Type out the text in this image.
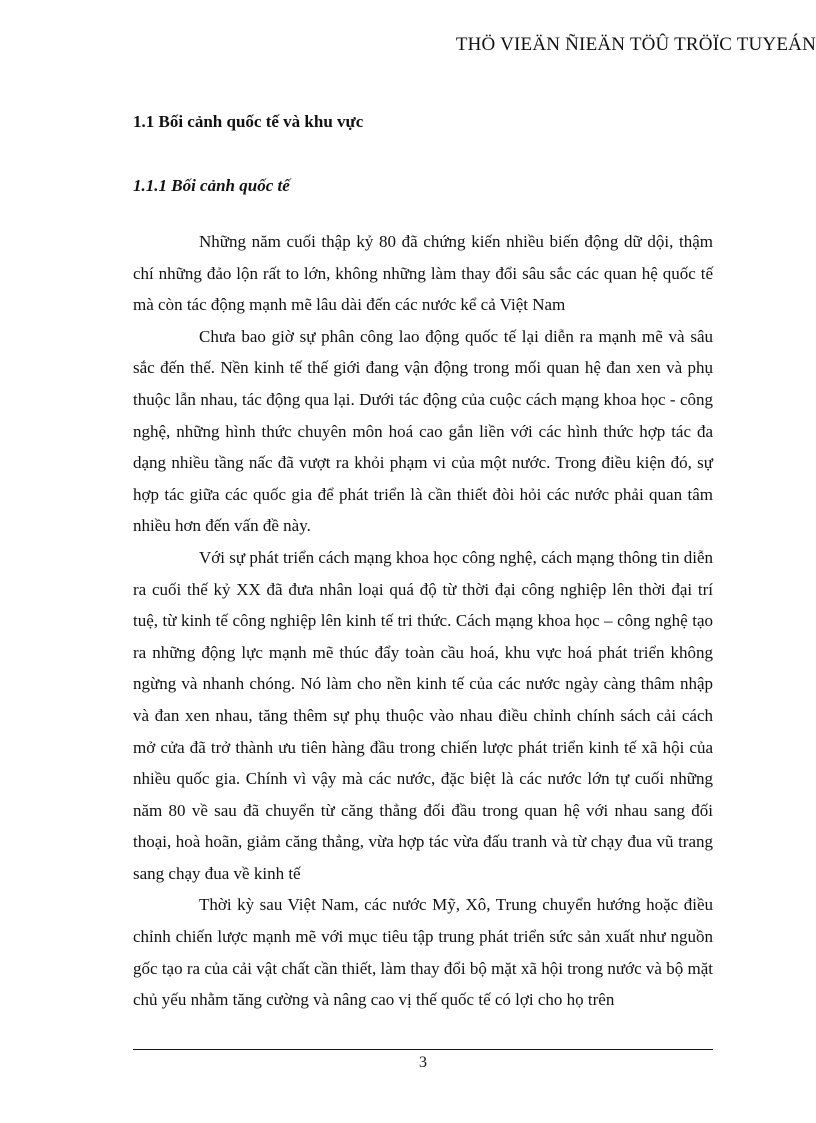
THÖ VIEÄN ÑIEÄN TÖÛ TRÖÏC TUYEÁN
1.1 Bối cảnh quốc tế và khu vực
1.1.1 Bối cảnh quốc tế

Những năm cuối thập kỷ 80 đã chứng kiến nhiều biến động dữ dội, thậm chí những đảo lộn rất to lớn, không những làm thay đổi sâu sắc các quan hệ quốc tế mà còn tác động mạnh mẽ lâu dài đến các nước kể cả Việt Nam

Chưa bao giờ sự phân công lao động quốc tế lại diễn ra mạnh mẽ và sâu sắc đến thế. Nền kinh tế thế giới đang vận động trong mối quan hệ đan xen và phụ thuộc lẫn nhau, tác động qua lại. Dưới tác động của cuộc cách mạng khoa học - công nghệ, những hình thức chuyên môn hoá cao gắn liền với các hình thức hợp tác đa dạng nhiều tầng nấc đã vượt ra khỏi phạm vi của một nước. Trong điều kiện đó, sự hợp tác giữa các quốc gia để phát triển là cần thiết đòi hỏi các nước phải quan tâm nhiều hơn đến vấn đề này.

Với sự phát triển cách mạng khoa học công nghệ, cách mạng thông tin diễn ra cuối thế kỷ XX đã đưa nhân loại quá độ từ thời đại công nghiệp lên thời đại trí tuệ, từ kinh tế công nghiệp lên kinh tế tri thức. Cách mạng khoa học – công nghệ tạo ra những động lực mạnh mẽ thúc đẩy toàn cầu hoá, khu vực hoá phát triển không ngừng và nhanh chóng. Nó làm cho nền kinh tế của các nước ngày càng thâm nhập và đan xen nhau, tăng thêm sự phụ thuộc vào nhau điều chỉnh chính sách cải cách mở cửa đã trở thành ưu tiên hàng đầu trong chiến lược phát triển kinh tế xã hội của nhiều quốc gia. Chính vì vậy mà các nước, đặc biệt là các nước lớn tự cuối những năm 80 về sau đã chuyển từ căng thẳng đối đầu trong quan hệ với nhau sang đối thoại, hoà hoãn, giảm căng thẳng, vừa hợp tác vừa đấu tranh và từ chạy đua vũ trang sang chạy đua về kinh tế

Thời kỳ sau Việt Nam, các nước Mỹ, Xô, Trung chuyển hướng hoặc điều chỉnh chiến lược mạnh mẽ với mục tiêu tập trung phát triển sức sản xuất như nguồn gốc tạo ra của cải vật chất cần thiết, làm thay đổi bộ mặt xã hội trong nước và bộ mặt chủ yếu nhằm tăng cường và nâng cao vị thế quốc tế có lợi cho họ trên

3
